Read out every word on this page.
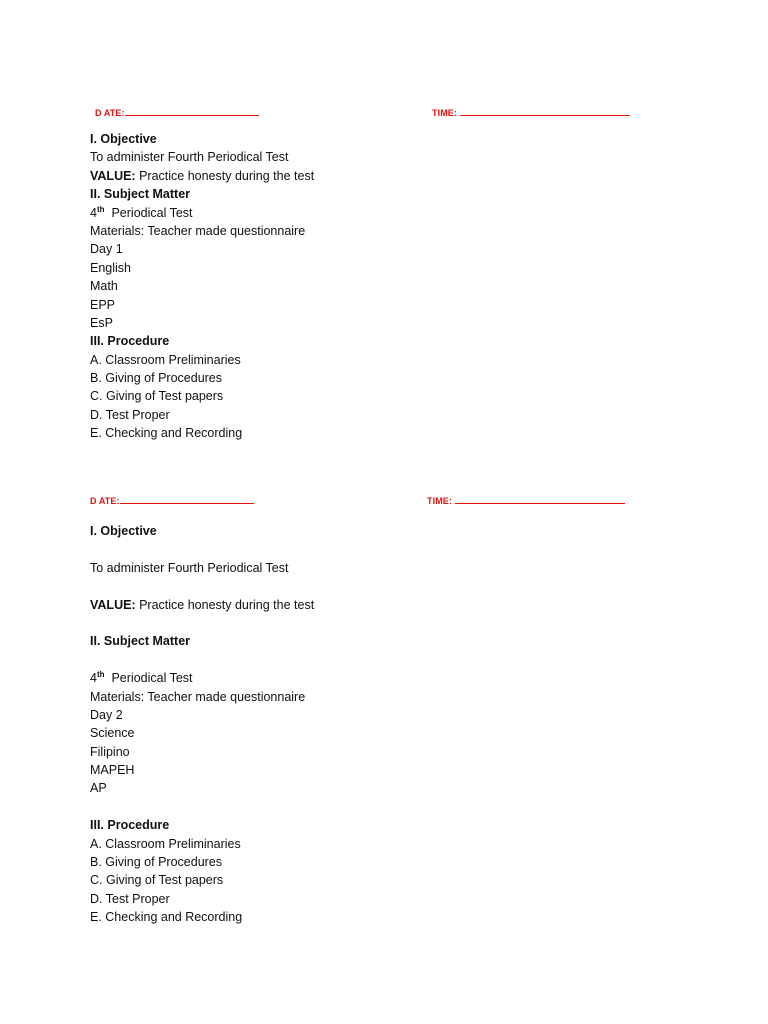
D ATE:	TIME:
I. Objective
To administer Fourth Periodical Test
VALUE: Practice honesty during the test
II. Subject Matter
4th  Periodical Test
Materials: Teacher made questionnaire
Day 1
English
Math
EPP
EsP
III. Procedure
A. Classroom Preliminaries
B. Giving of Procedures
C. Giving of Test papers
D. Test Proper
E. Checking and Recording
D ATE:	TIME:
I. Objective

To administer Fourth Periodical Test

VALUE: Practice honesty during the test

II. Subject Matter

4th  Periodical Test
Materials: Teacher made questionnaire
Day 2
Science
Filipino
MAPEH
AP

III. Procedure
A. Classroom Preliminaries
B. Giving of Procedures
C. Giving of Test papers
D. Test Proper
E. Checking and Recording
